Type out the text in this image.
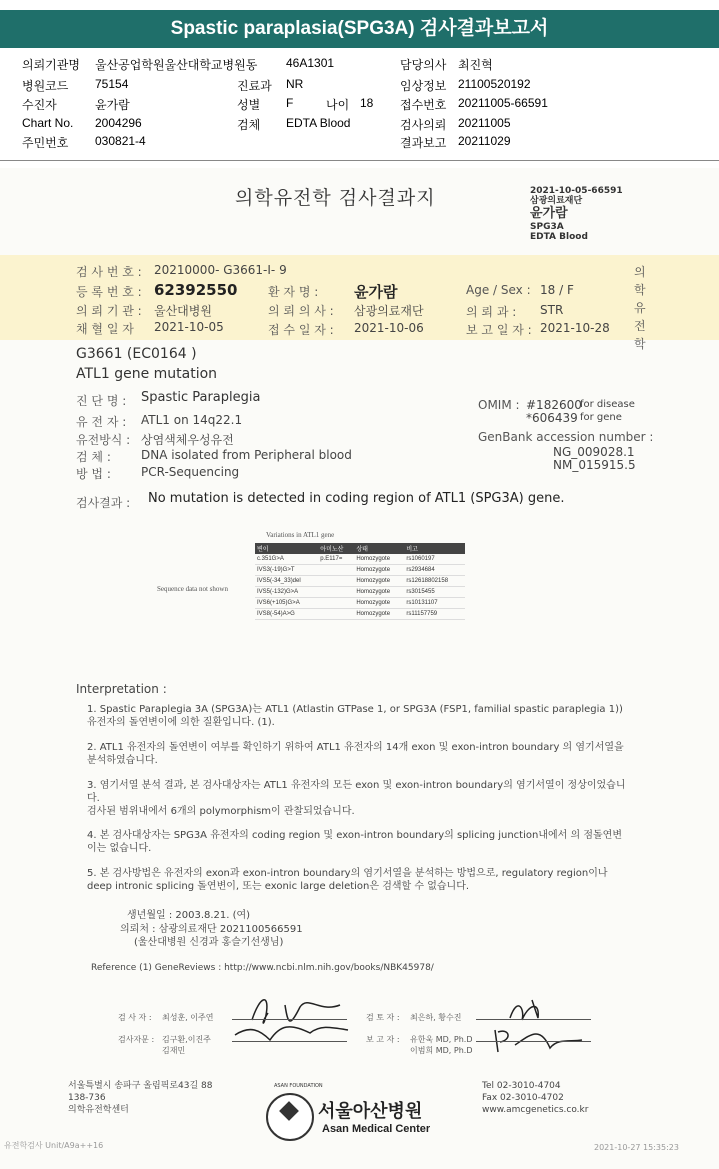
Spastic paraplasia(SPG3A) 검사결과보고서
의뢰기관명 울산공업학원울산대학교병원동
병원코드 75154
수진자	윤가람
Chart No. 2004296
주민번호 030821-4
46A1301
진료과 NR
성별 F	나이 18
검체 EDTA Blood
담당의사 최진혁
임상정보 21100520192
접수번호 20211005-66591
검사의뢰 20211005
결과보고 20211029
의학유전학 검사결과지	2021-10-05-66591
삼광의료재단
윤가람
SPG3A
EDTA Blood
의학유전학
검 사 번 호 : 20210000- G3661-I- 9
등 록 번 호 : 62392550	환 자 명 : 윤가람	Age / Sex : 18 / F
의 뢰 기 관 : 울산대병원	의 뢰 의 사 : 삼광의료재단	의 뢰 과 : STR
채 혈 일 자 2021-10-05	접 수 일 자 : 2021-10-06	보 고 일 자 : 2021-10-28
G3661 (EC0164 )
ATL1 gene mutation
진 단 명 : Spastic Paraplegia
유 전 자 : ATL1 on 14q22.1
유전방식 : 상염색체우성유전
검 체 :	DNA isolated from Peripheral blood
방 법 :	PCR-Sequencing
OMIM : #182600
for disease
*606439 for gene
GenBank accession number :
NG_009028.1
NM_015915.5
검사결과 : No mutation is detected in coding region of ATL1 (SPG3A) gene.
Variations in ATL1 gene
Sequence data not shown
변이	아미노산	상태	비고
c.351G>A	p.E117=	Homozygote	rs1060197
IVS3(-19)G>T		Homozygote	rs2934684
IVS5(-34_33)del		Homozygote	rs12618802158
IVS5(-132)G>A		Homozygote	rs3015455
IVS6(+105)G>A		Homozygote	rs10131107
IVS8(-54)A>G		Homozygote	rs11157759
Interpretation :
1. Spastic Paraplegia 3A (SPG3A)는 ATL1 (Atlastin GTPase 1, or SPG3A (FSP1, familial spastic paraplegia 1)) 유전자의 돌연변이에 의한 질환입니다. (1).
2. ATL1 유전자의 돌연변이 여부를 확인하기 위하여 ATL1 유전자의 14개 exon 및 exon-intron boundary 의 염기서열을 분석하였습니다.
3. 염기서열 분석 결과, 본 검사대상자는 ATL1 유전자의 모든 exon 및 exon-intron boundary의 염기서열이 정상이었습니다.
검사된 범위내에서 6개의 polymorphism이 관찰되었습니다.
4. 본 검사대상자는 SPG3A 유전자의 coding region 및 exon-intron boundary의 splicing junction내에서 의 점돌연변이는 없습니다.
5. 본 검사방법은 유전자의 exon과 exon-intron boundary의 염기서열을 분석하는 방법으로, regulatory region이나 deep intronic splicing 돌연변이, 또는 exonic large deletion은 검색할 수 없습니다.
생년월일 : 2003.8.21. (여)
의뢰처 : 삼광의료재단 2021100566591
(울산대병원 신경과 홍슬기선생님)
Reference (1) GeneReviews : http://www.ncbi.nlm.nih.gov/books/NBK45978/
검 사 자 : 최성훈, 이주연
검사자문 : 김구환,이진주
김재민
검 토 자 : 최은하, 황수진
보 고 자 : 유한욱 MD, Ph.D
이범희 MD, Ph.D
서울특별시 송파구 올림픽로43길 88
138-736
의학유전학센터
ASAN FOUNDATION
서울아산병원
Asan Medical Center
Tel 02-3010-4704
Fax 02-3010-4702
www.amcgenetics.co.kr
유전학검사 Unit/A9a++16	2021-10-27 15:35:23
